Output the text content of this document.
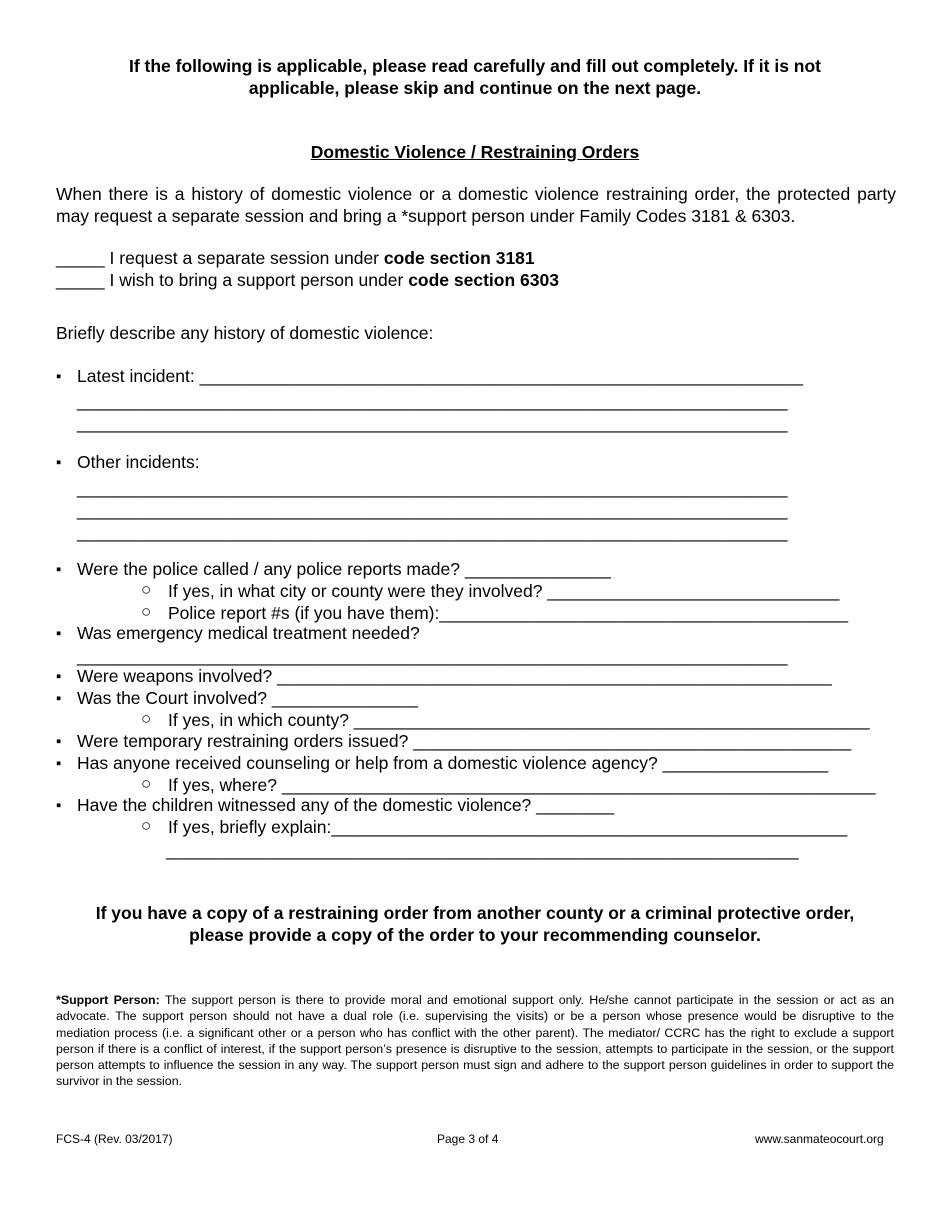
If the following is applicable, please read carefully and fill out completely. If it is not
applicable, please skip and continue on the next page.
Domestic Violence / Restraining Orders
When there is a history of domestic violence or a domestic violence restraining order, the protected party may request a separate session and bring a *support person under Family Codes 3181 & 6303.
_____ I request a separate session under code section 3181
_____ I wish to bring a support person under code section 6303
Briefly describe any history of domestic violence:
▪
Latest incident: ______________________________________________________________
_________________________________________________________________________
_________________________________________________________________________
▪
Other incidents:
_________________________________________________________________________
_________________________________________________________________________
_________________________________________________________________________
▪
Were the police called / any police reports made? _______________
○ If yes, in what city or county were they involved? ______________________________
○ Police report #s (if you have them):__________________________________________
▪
Was emergency medical treatment needed?
_________________________________________________________________________
▪
Were weapons involved? _________________________________________________________
▪
Was the Court involved? _______________
○ If yes, in which county? _____________________________________________________
▪
Were temporary restraining orders issued? _____________________________________________
▪
Has anyone received counseling or help from a domestic violence agency? _________________
○ If yes, where? _____________________________________________________________
▪
Have the children witnessed any of the domestic violence? ________
○ If yes, briefly explain:_____________________________________________________
_________________________________________________________________
If you have a copy of a restraining order from another county or a criminal protective order,
please provide a copy of the order to your recommending counselor.
*Support Person: The support person is there to provide moral and emotional support only. He/she cannot participate in the session or act as an advocate. The support person should not have a dual role (i.e. supervising the visits) or be a person whose presence would be disruptive to the mediation process (i.e. a significant other or a person who has conflict with the other parent). The mediator/ CCRC has the right to exclude a support person if there is a conflict of interest, if the support person’s presence is disruptive to the session, attempts to participate in the session, or the support person attempts to influence the session in any way. The support person must sign and adhere to the support person guidelines in order to support the survivor in the session.
FCS-4 (Rev. 03/2017)	Page 3 of 4	www.sanmateocourt.org
